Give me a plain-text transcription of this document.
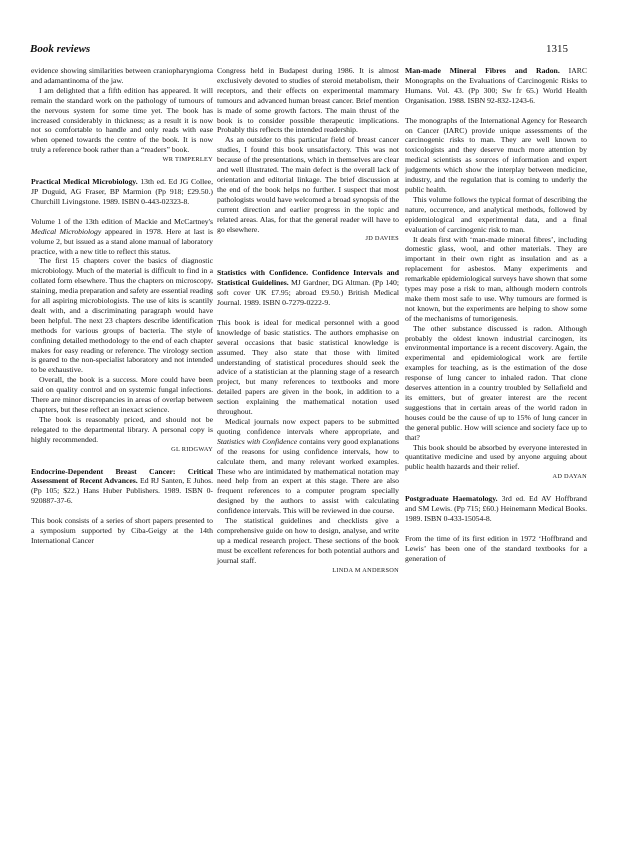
Book reviews	1315

evidence showing similarities between craniopharyngioma and adamantinoma of the jaw.

I am delighted that a fifth edition has appeared. It will remain the standard work on the pathology of tumours of the nervous system for some time yet. The book has increased considerably in thickness; as a result it is now not so comfortable to handle and only reads with ease when opened towards the centre of the book. It is now truly a reference book rather than a “readers” book.

WR TIMPERLEY

Practical Medical Microbiology. 13th ed. Ed JG Collee, JP Duguid, AG Fraser, BP Marmion (Pp 918; £29.50.) Churchill Livingstone. 1989. ISBN 0-443-02323-8.

Volume 1 of the 13th edition of Mackie and McCartney's Medical Microbiology appeared in 1978. Here at last is volume 2, but issued as a stand alone manual of laboratory practice, with a new title to reflect this status.

The first 15 chapters cover the basics of diagnostic microbiology. Much of the material is difficult to find in a collated form elsewhere. Thus the chapters on microscopy, staining, media preparation and safety are essential reading for all aspiring microbiologists. The use of kits is scantily dealt with, and a discriminating paragraph would have been helpful. The next 23 chapters describe identification methods for various groups of bacteria. The style of confining detailed methodology to the end of each chapter makes for easy reading or reference. The virology section is geared to the non-specialist laboratory and not intended to be exhaustive.

Overall, the book is a success. More could have been said on quality control and on systemic fungal infections. There are minor discrepancies in areas of overlap between chapters, but these reflect an inexact science.

The book is reasonably priced, and should not be relegated to the departmental library. A personal copy is highly recommended.

GL RIDGWAY

Endocrine-Dependent Breast Cancer: Critical Assessment of Recent Advances. Ed RJ Santen, E Juhos. (Pp 105; $22.) Hans Huber Publishers. 1989. ISBN 0-920887-37-6.

This book consists of a series of short papers presented to a symposium supported by Ciba-Geigy at the 14th International Cancer

Congress held in Budapest during 1986. It is almost exclusively devoted to studies of steroid metabolism, their receptors, and their effects on experimental mammary tumours and advanced human breast cancer. Brief mention is made of some growth factors. The main thrust of the book is to consider possible therapeutic implications. Probably this reflects the intended readership.

As an outsider to this particular field of breast cancer studies, I found this book unsatisfactory. This was not because of the presentations, which in themselves are clear and well illustrated. The main defect is the overall lack of orientation and editorial linkage. The brief discussion at the end of the book helps no further. I suspect that most pathologists would have welcomed a broad synopsis of the current direction and earlier progress in the topic and related areas. Alas, for that the general reader will have to go elsewhere.

JD DAVIES

Statistics with Confidence. Confidence Intervals and Statistical Guidelines. MJ Gardner, DG Altman. (Pp 140; soft cover UK £7.95; abroad £9.50.) British Medical Journal. 1989. ISBN 0-7279-0222-9.

This book is ideal for medical personnel with a good knowledge of basic statistics. The authors emphasise on several occasions that basic statistical knowledge is assumed. They also state that those with limited understanding of statistical procedures should seek the advice of a statistician at the planning stage of a research project, but many references to textbooks and more detailed papers are given in the book, in addition to a section explaining the mathematical notation used throughout.

Medical journals now expect papers to be submitted quoting confidence intervals where appropriate, and Statistics with Confidence contains very good explanations of the reasons for using confidence intervals, how to calculate them, and many relevant worked examples. These who are intimidated by mathematical notation may need help from an expert at this stage. There are also frequent references to a computer program specially designed by the authors to assist with calculating confidence intervals. This will be reviewed in due course.

The statistical guidelines and checklists give a comprehensive guide on how to design, analyse, and write up a medical research project. These sections of the book must be excellent references for both potential authors and journal staff.

LINDA M ANDERSON

Man-made Mineral Fibres and Radon. IARC Monographs on the Evaluations of Carcinogenic Risks to Humans. Vol. 43. (Pp 300; Sw fr 65.) World Health Organisation. 1988. ISBN 92-832-1243-6.

The monographs of the International Agency for Research on Cancer (IARC) provide unique assessments of the carcinogenic risks to man. They are well known to toxicologists and they deserve much more attention by medical scientists as sources of information and expert judgements which show the interplay between medicine, industry, and the regulation that is coming to underly the public health.

This volume follows the typical format of describing the nature, occurrence, and analytical methods, followed by epidemiological and experimental data, and a final evaluation of carcinogenic risk to man.

It deals first with ‘man-made mineral fibres’, including domestic glass, wool, and other materials. They are important in their own right as insulation and as a replacement for asbestos. Many experiments and remarkable epidemiological surveys have shown that some types may pose a risk to man, although modern controls make them most safe to use. Why tumours are formed is not known, but the experiments are helping to show some of the mechanisms of tumorigenesis.

The other substance discussed is radon. Although probably the oldest known industrial carcinogen, its environmental importance is a recent discovery. Again, the experimental and epidemiological work are fertile examples for teaching, as is the estimation of the dose response of lung cancer to inhaled radon. That clone deserves attention in a country troubled by Sellafield and its emitters, but of greater interest are the recent suggestions that in certain areas of the world radon in houses could be the cause of up to 15% of lung cancer in the general public. How will science and society face up to that?

This book should be absorbed by everyone interested in quantitative medicine and used by anyone arguing about public health hazards and their relief.

AD DAYAN

Postgraduate Haematology. 3rd ed. Ed AV Hoffbrand and SM Lewis. (Pp 715; £60.) Heinemann Medical Books. 1989. ISBN 0-433-15054-8.

From the time of its first edition in 1972 ‘Hoffbrand and Lewis’ has been one of the standard textbooks for a generation of
